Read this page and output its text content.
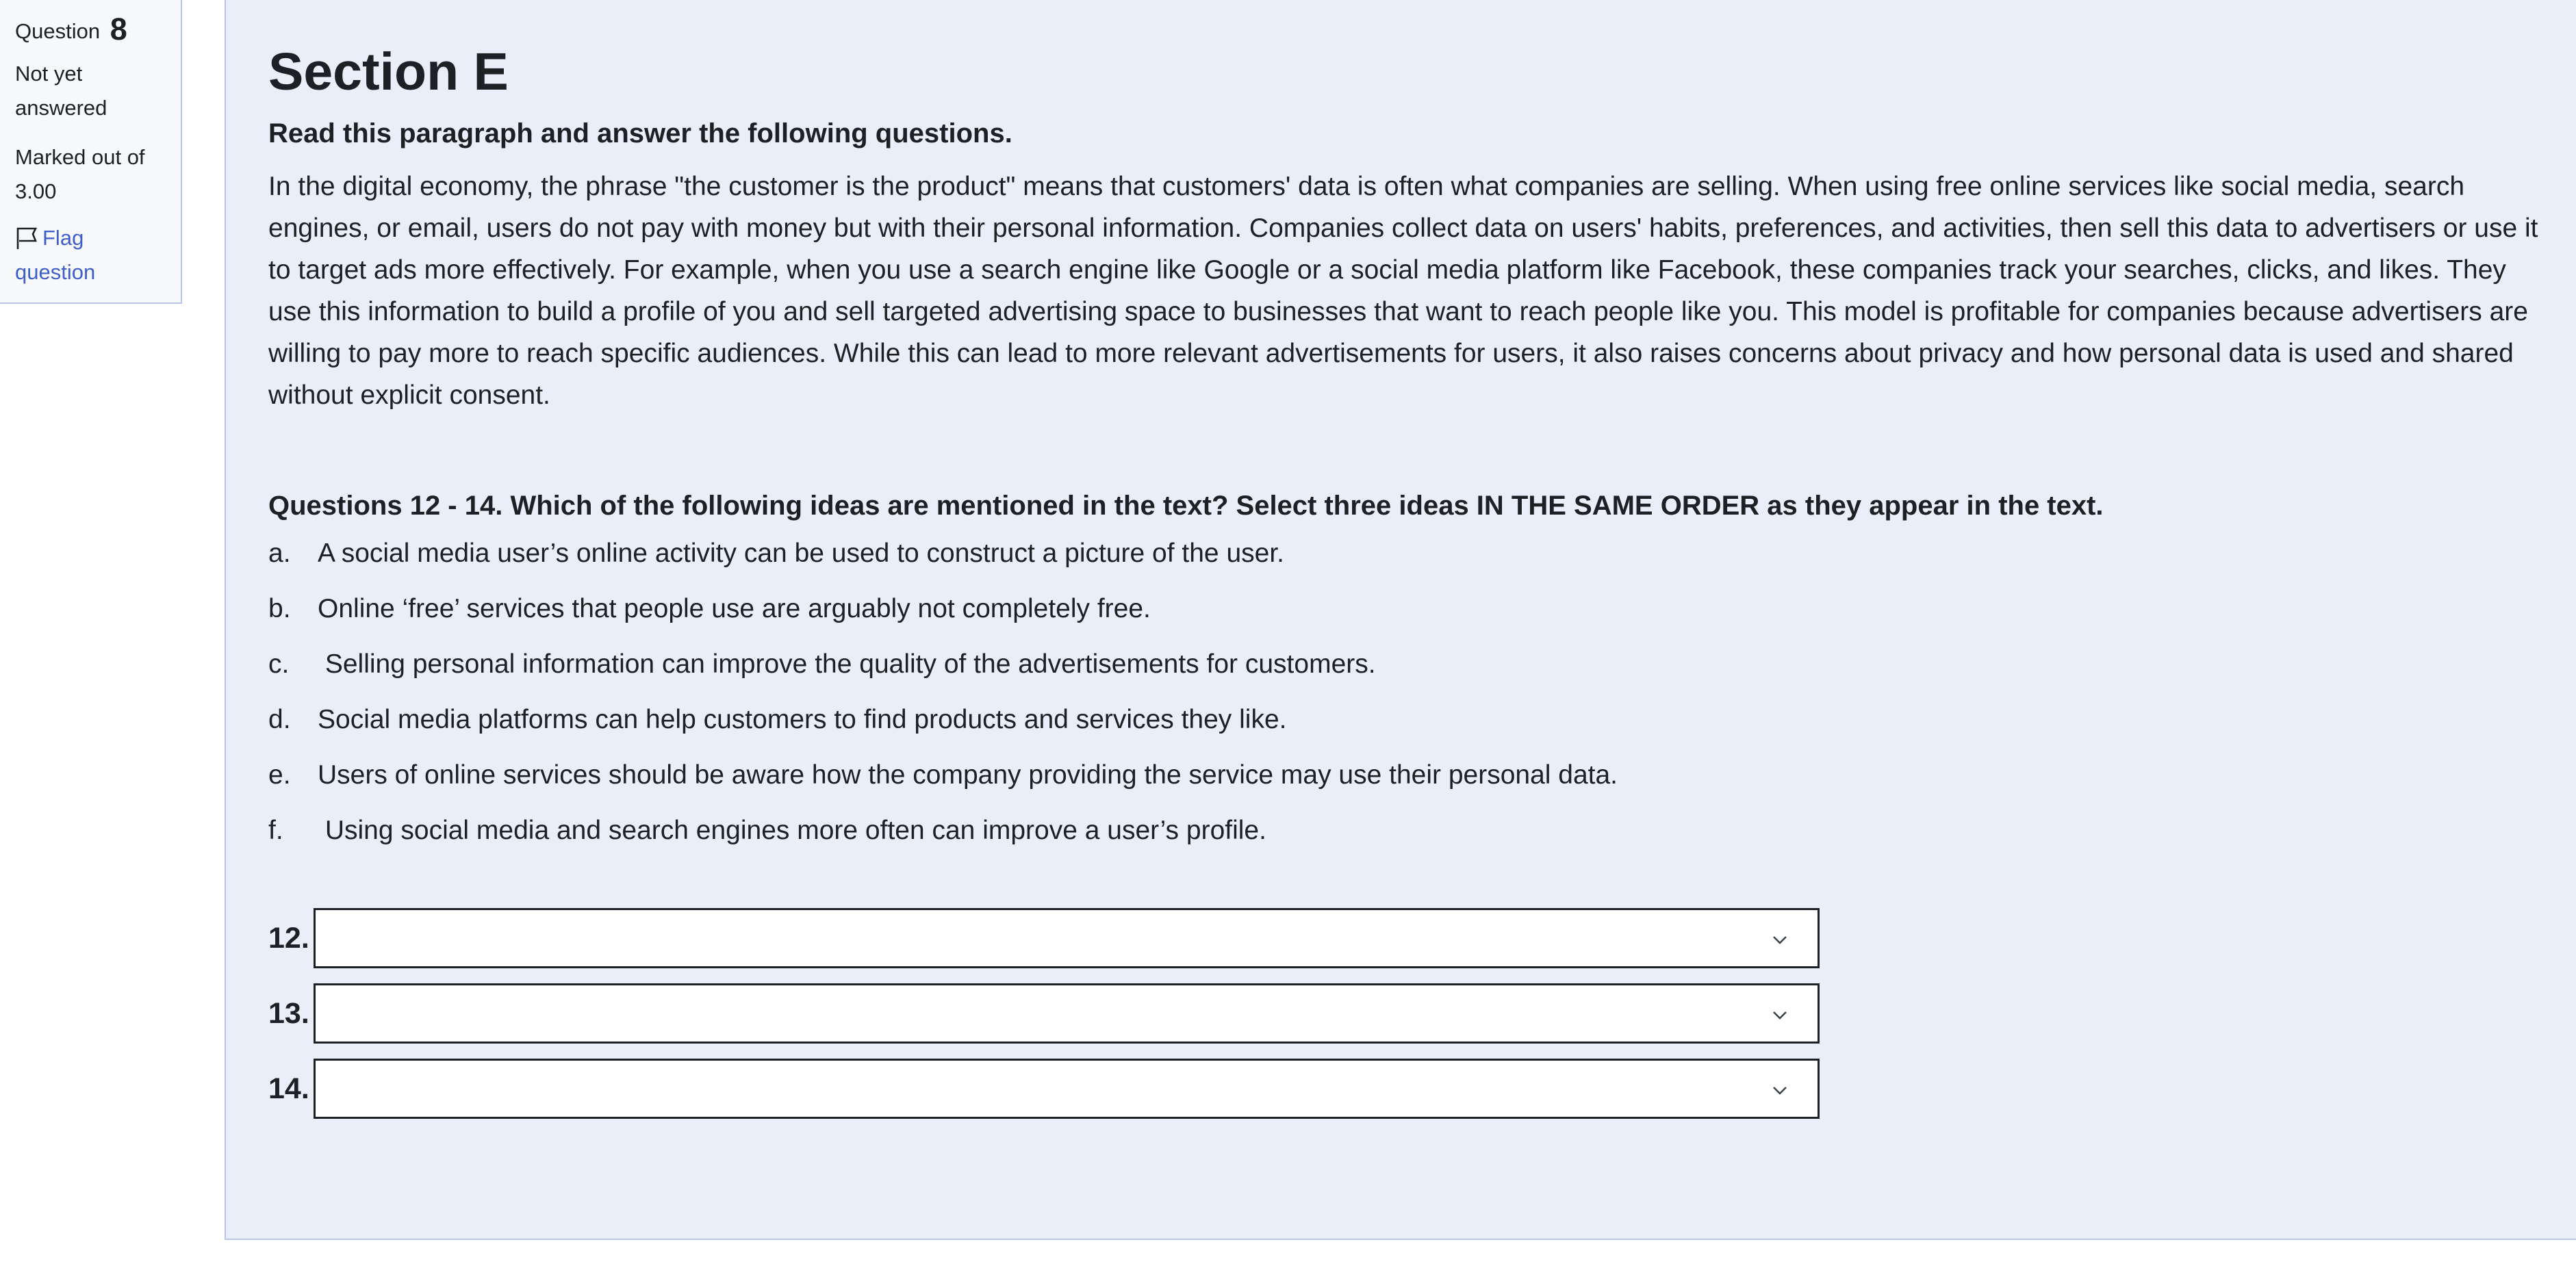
Question 8
Not yet answered
Marked out of 3.00
Flag question
Section E
Read this paragraph and answer the following questions.
In the digital economy, the phrase "the customer is the product" means that customers' data is often what companies are selling. When using free online services like social media, search engines, or email, users do not pay with money but with their personal information. Companies collect data on users' habits, preferences, and activities, then sell this data to advertisers or use it to target ads more effectively. For example, when you use a search engine like Google or a social media platform like Facebook, these companies track your searches, clicks, and likes. They use this information to build a profile of you and sell targeted advertising space to businesses that want to reach people like you. This model is profitable for companies because advertisers are willing to pay more to reach specific audiences. While this can lead to more relevant advertisements for users, it also raises concerns about privacy and how personal data is used and shared without explicit consent.
Questions 12 - 14. Which of the following ideas are mentioned in the text? Select three ideas IN THE SAME ORDER as they appear in the text.
a.	A social media user’s online activity can be used to construct a picture of the user.
b.	Online ‘free’ services that people use are arguably not completely free.
c.	Selling personal information can improve the quality of the advertisements for customers.
d.	Social media platforms can help customers to find products and services they like.
e.	Users of online services should be aware how the company providing the service may use their personal data.
f.	Using social media and search engines more often can improve a user’s profile.
12.
13.
14.
